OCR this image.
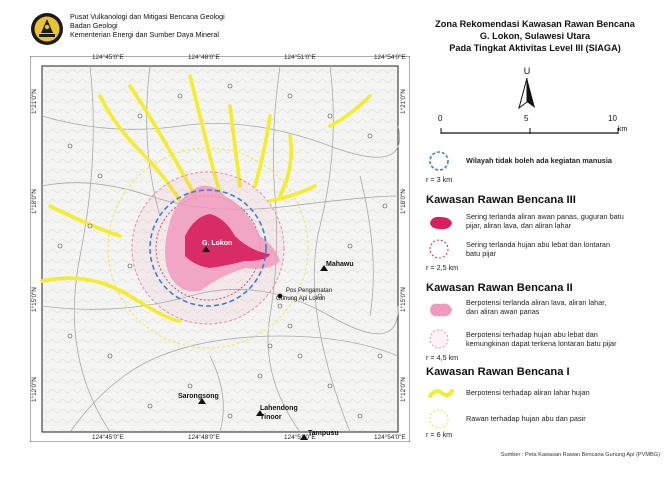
Pusat Vulkanologi dan Mitigasi Bencana Geologi
Badan Geologi
Kementerian Energi dan Sumber Daya Mineral
Zona Rekomendasi Kawasan Rawan Bencana
G. Lokon, Sulawesi Utara
Pada Tingkat Aktivitas Level III (SIAGA)
124°45'0"E	124°48'0"E	124°51'0"E	124°54'0"E
124°45'0"E	124°48'0"E	124°51'0"E	124°54'0"E
1°21'0"N
1°18'0"N
1°15'0"N
1°12'0"N
1°21'0"N
1°18'0"N
1°15'0"N
1°12'0"N
G. Lokon
Mahawu
Pos Pengamatan
Gunung Api Lokon
Sarongsong
Lahendong
Tinoor
Tampusu
U
0	5	10
km
Wilayah tidak boleh ada kegiatan manusia
r = 3 km
Kawasan Rawan Bencana III
Sering terlanda aliran awan panas, guguran batu
pijar, aliran lava, dan aliran lahar
Sering terlanda hujan abu lebat dan lontaran
batu pijar
r = 2,5 km
Kawasan Rawan Bencana II
Berpotensi terlanda aliran lava, aliran lahar,
dan aliran awan panas
Berpotensi terhadap hujan abu lebat dan
kemungkinan dapat terkena lontaran batu pijar
r = 4,5 km
Kawasan Rawan Bencana I
Berpotensi terhadap aliran lahar hujan
Rawan terhadap hujan abu dan pasir
r = 6 km
Sumber : Peta Kawasan Rawan Bencana Gunung Api (PVMBG)
